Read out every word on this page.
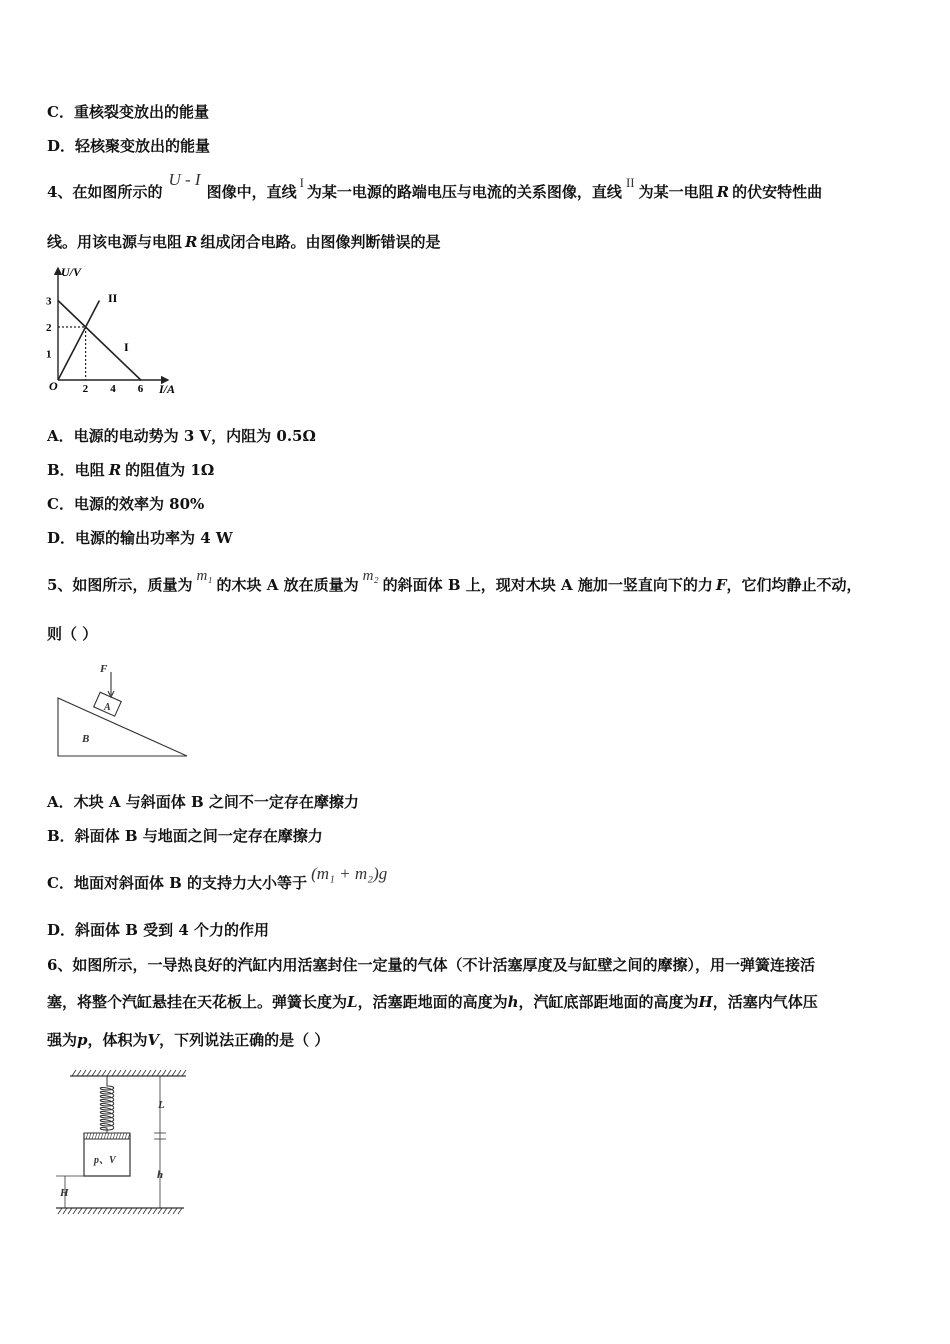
C．重核裂变放出的能量
D．轻核聚变放出的能量
4、在如图所示的U - I图像中，直线I为某一电源的路端电压与电流的关系图像，直线II为某一电阻 R 的伏安特性曲
线。用该电源与电阻 R 组成闭合电路。由图像判断错误的是
3
2
1
2 4 6
U/V
I/A
O
II
I
A．电源的电动势为 3 V，内阻为 0.5Ω
B．电阻 R 的阻值为 1Ω
C．电源的效率为 80%
D．电源的输出功率为 4 W
5、如图所示，质量为 m₁ 的木块 A 放在质量为 m₂ 的斜面体 B 上，现对木块 A 施加一竖直向下的力 F，它们均静止不动，
则（ ）
F
A
B
A．木块 A 与斜面体 B 之间不一定存在摩擦力
B．斜面体 B 与地面之间一定存在摩擦力
C．地面对斜面体 B 的支持力大小等于 (m₁ + m₂)g
D．斜面体 B 受到 4 个力的作用
6、如图所示，一导热良好的汽缸内用活塞封住一定量的气体（不计活塞厚度及与缸壁之间的摩擦），用一弹簧连接活
塞，将整个汽缸悬挂在天花板上。弹簧长度为L，活塞距地面的高度为h，汽缸底部距地面的高度为H，活塞内气体压
强为p，体积为V，下列说法正确的是（ ）
p、V
L
h
H
